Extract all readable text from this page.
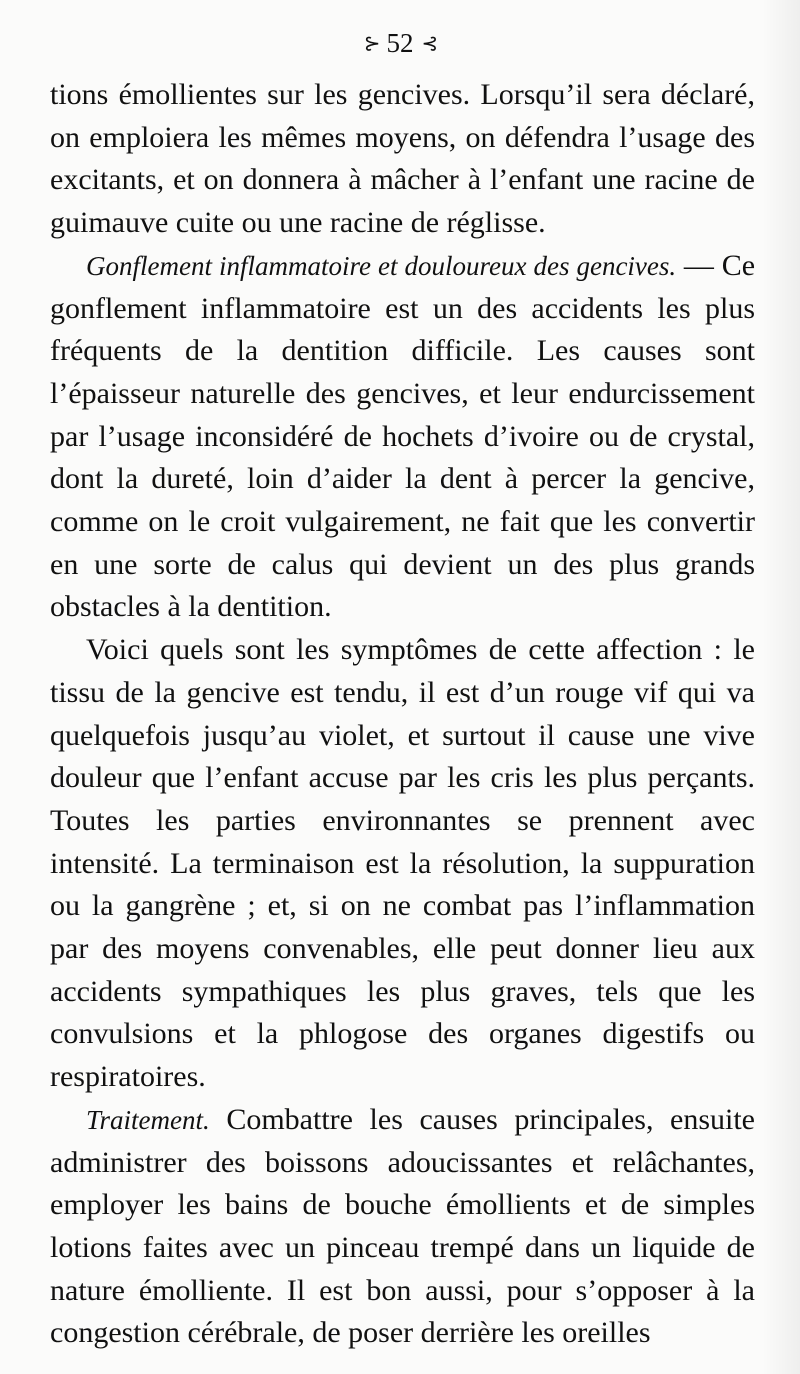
⊱ 52 ⊰

tions émollientes sur les gencives. Lorsqu’il sera déclaré, on emploiera les mêmes moyens, on défendra l’usage des excitants, et on donnera à mâcher à l’enfant une racine de guimauve cuite ou une racine de réglisse.

Gonflement inflammatoire et douloureux des gencives. — Ce gonflement inflammatoire est un des accidents les plus fréquents de la dentition difficile. Les causes sont l’épaisseur naturelle des gencives, et leur endurcissement par l’usage inconsidéré de hochets d’ivoire ou de crystal, dont la dureté, loin d’aider la dent à percer la gencive, comme on le croit vulgairement, ne fait que les convertir en une sorte de calus qui devient un des plus grands obstacles à la dentition.

Voici quels sont les symptômes de cette affection : le tissu de la gencive est tendu, il est d’un rouge vif qui va quelquefois jusqu’au violet, et surtout il cause une vive douleur que l’enfant accuse par les cris les plus perçants. Toutes les parties environnantes se prennent avec intensité. La terminaison est la résolution, la suppuration ou la gangrène ; et, si on ne combat pas l’inflammation par des moyens convenables, elle peut donner lieu aux accidents sympathiques les plus graves, tels que les convulsions et la phlogose des organes digestifs ou respiratoires.

Traitement. Combattre les causes principales, ensuite administrer des boissons adoucissantes et relâchantes, employer les bains de bouche émollients et de simples lotions faites avec un pinceau trempé dans un liquide de nature émolliente. Il est bon aussi, pour s’opposer à la congestion cérébrale, de poser derrière les oreilles
